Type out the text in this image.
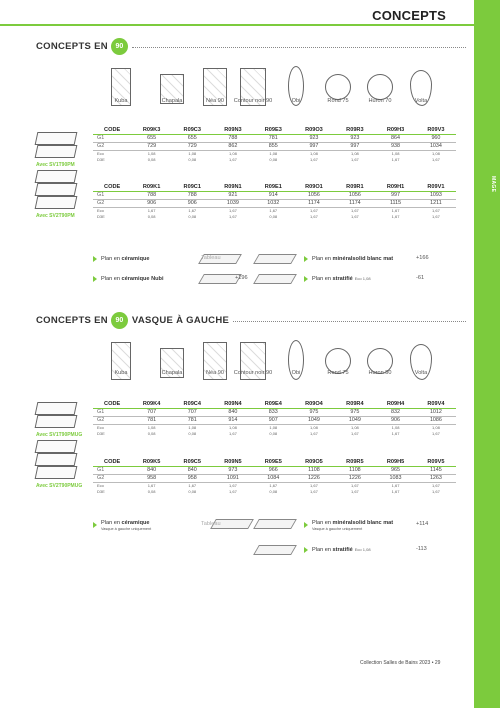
CONCEPTS
MAGE
CONCEPTS EN	90
Kuba	Chapala	Néa 90	Contour noir 90	Obi	Rond 75	Huron 70	Volta
Avec SV1T90PM
CODE	R09K3	R09C3	R09N3	R09E3	R09O3	R09R3	R09H3	R09V3
G1	655	655	788	781	923	923	864	960
G2	729	729	862	855	997	997	938	1034
Eco	1,08	1,08	1,08	1,08	1,08	1,08	1,08	1,08
D3E	0,08	0,08	1,67	0,08	1,67	1,67	1,67	1,67
Avec SV2T90PM
CODE	R09K1	R09C1	R09N1	R09E1	R09O1	R09R1	R09H1	R09V1
G1	788	788	921	914	1056	1056	997	1093
G2	906	906	1039	1032	1174	1174	1115	1211
Eco	1,67	1,67	1,67	1,67	1,67	1,67	1,67	1,67
D3E	0,08	0,08	1,67	0,08	1,67	1,67	1,67	1,67
Plan en céramique	Tableau	Plan en minéralsolid blanc mat	+166
Plan en céramique Nubi	+196	Plan en stratifié Eco 1,08	-61
CONCEPTS EN	90 VASQUE À GAUCHE
Kuba	Chapala	Néa 90	Contour noir 90	Obi	Rond 75	Huron 50	Volta
Avec SV1T90PMUG
CODE	R09K4	R09C4	R09N4	R09E4	R09O4	R09R4	R09H4	R09V4
G1	707	707	840	833	975	975	832	1012
G2	781	781	914	907	1049	1049	906	1086
Eco	1,08	1,08	1,08	1,08	1,08	1,08	1,08	1,08
D3E	0,08	0,08	1,67	0,08	1,67	1,67	1,67	1,67
Avec SV2T90PMUG
CODE	R09K5	R09C5	R09N5	R09E5	R09O5	R09R5	R09H5	R09V5
G1	840	840	973	966	1108	1108	965	1145
G2	958	958	1091	1084	1226	1226	1083	1263
Eco	1,67	1,67	1,67	1,67	1,67	1,67	1,67	1,67
D3E	0,08	0,08	1,67	0,08	1,67	1,67	1,67	1,67
Plan en céramique
Vasque à gauche uniquement
Tableau	Plan en minéralsolid blanc mat
Vasque à gauche uniquement
+114
Plan en stratifié Eco 1,08	-113
Collection Salles de Bains 2023 • 29
